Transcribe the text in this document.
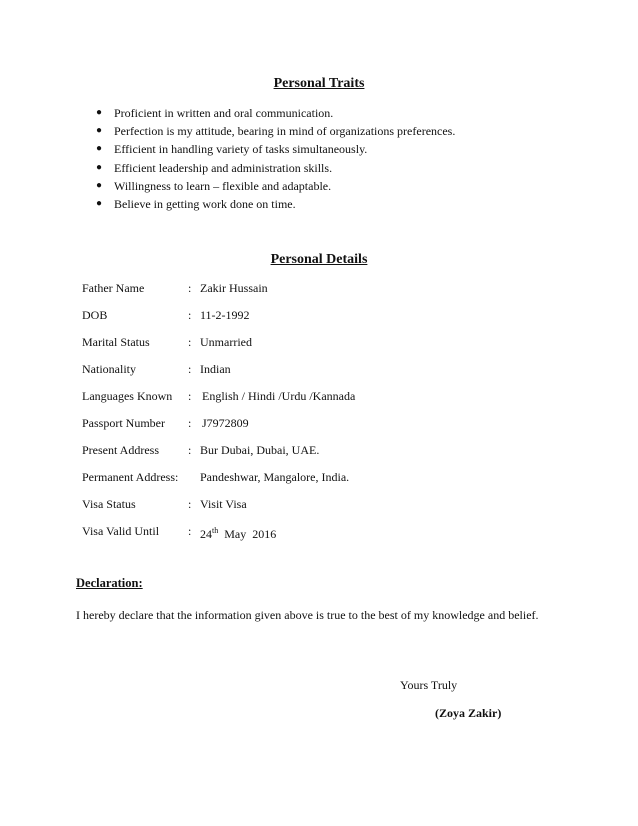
Personal Traits
● Proficient in written and oral communication.
● Perfection is my attitude, bearing in mind of organizations preferences.
● Efficient in handling variety of tasks simultaneously.
● Efficient leadership and administration skills.
● Willingness to learn – flexible and adaptable.
● Believe in getting work done on time.
Personal Details
Father Name	: Zakir Hussain
DOB	: 11-2-1992
Marital Status	: Unmarried
Nationality	: Indian
Languages Known : English / Hindi /Urdu /Kannada
Passport Number : J7972809
Present Address : Bur Dubai, Dubai, UAE.
Permanent Address: Pandeshwar, Mangalore, India.
Visa Status	: Visit Visa
Visa Valid Until : 24th May  2016
Declaration:
I hereby declare that the information given above is true to the best of my knowledge and belief.
Yours Truly
(Zoya Zakir)
